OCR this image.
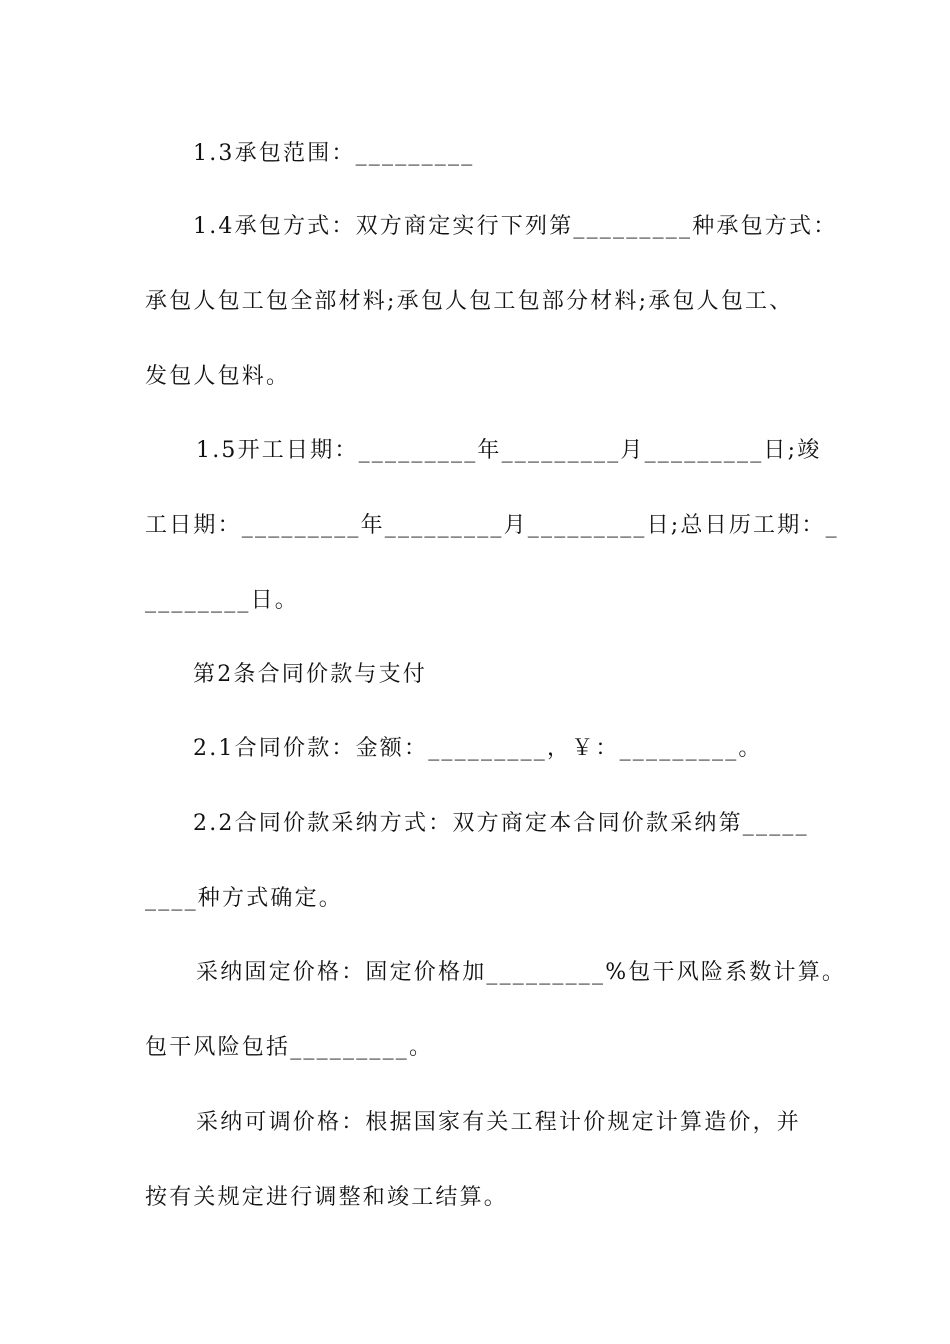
1.3承包范围：_________
1.4承包方式：双方商定实行下列第_________种承包方式：
承包人包工包全部材料;承包人包工包部分材料;承包人包工、
发包人包料。
1.5开工日期：_________年_________月_________日;竣
工日期：_________年_________月_________日;总日历工期：_
________日。
第2条合同价款与支付
2.1合同价款：金额：_________，￥：_________。
2.2合同价款采纳方式：双方商定本合同价款采纳第_____
____种方式确定。
采纳固定价格：固定价格加_________%包干风险系数计算。
包干风险包括_________。
采纳可调价格：根据国家有关工程计价规定计算造价，并
按有关规定进行调整和竣工结算。
